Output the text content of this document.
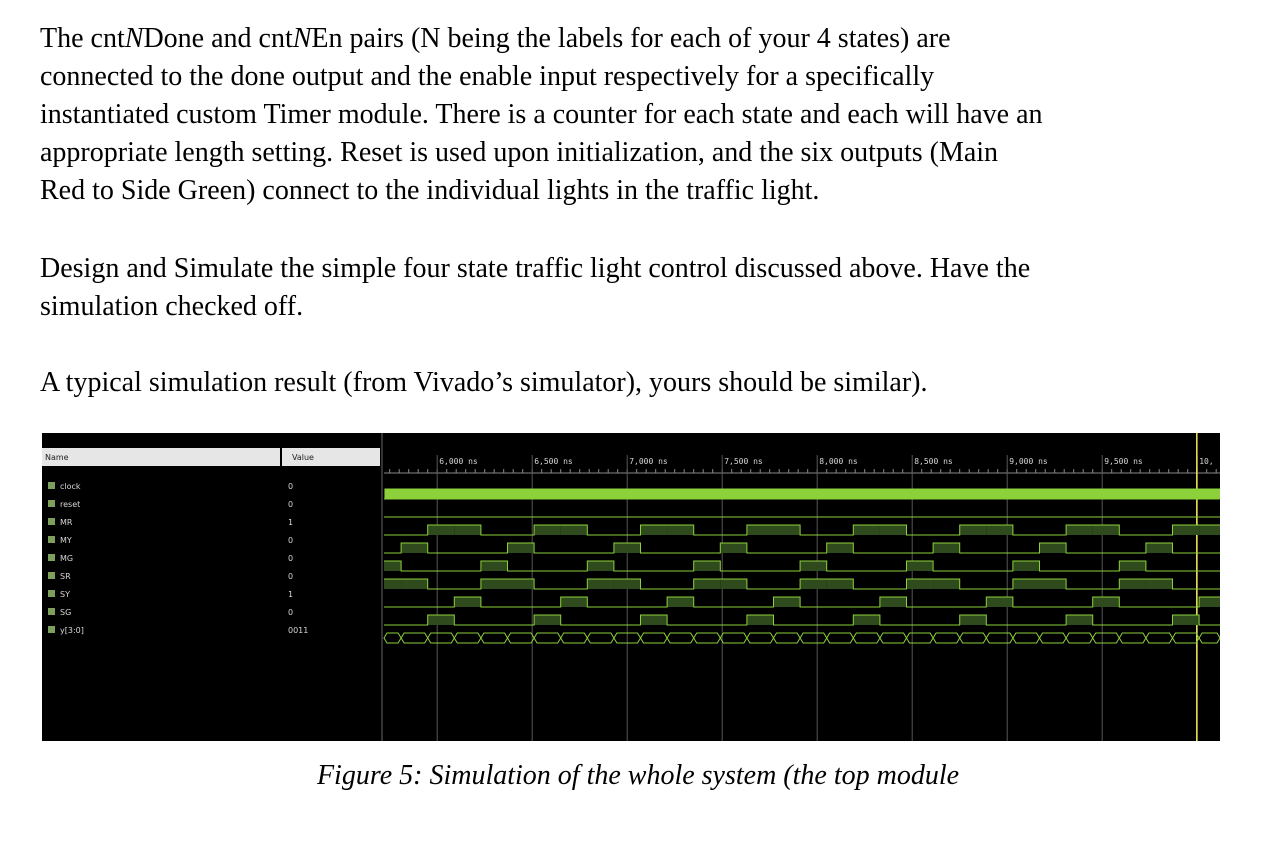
The cntNDone and cntNEn pairs (N being the labels for each of your 4 states) are
connected to the done output and the enable input respectively for a specifically
instantiated custom Timer module. There is a counter for each state and each will have an
appropriate length setting. Reset is used upon initialization, and the six outputs (Main
Red to Side Green) connect to the individual lights in the traffic light.
Design and Simulate the simple four state traffic light control discussed above. Have the
simulation checked off.
A typical simulation result (from Vivado’s simulator), yours should be similar).
Name	Value	6,000 ns	6,500 ns	7,000 ns	7,500 ns	8,000 ns	8,500 ns	9,000 ns	9,500 ns	10,
clock	0
reset	0
MR	1
MY	0
MG	0
SR	0
SY	1
SG	0
y[3:0]	0011
Figure 5: Simulation of the whole system (the top module
